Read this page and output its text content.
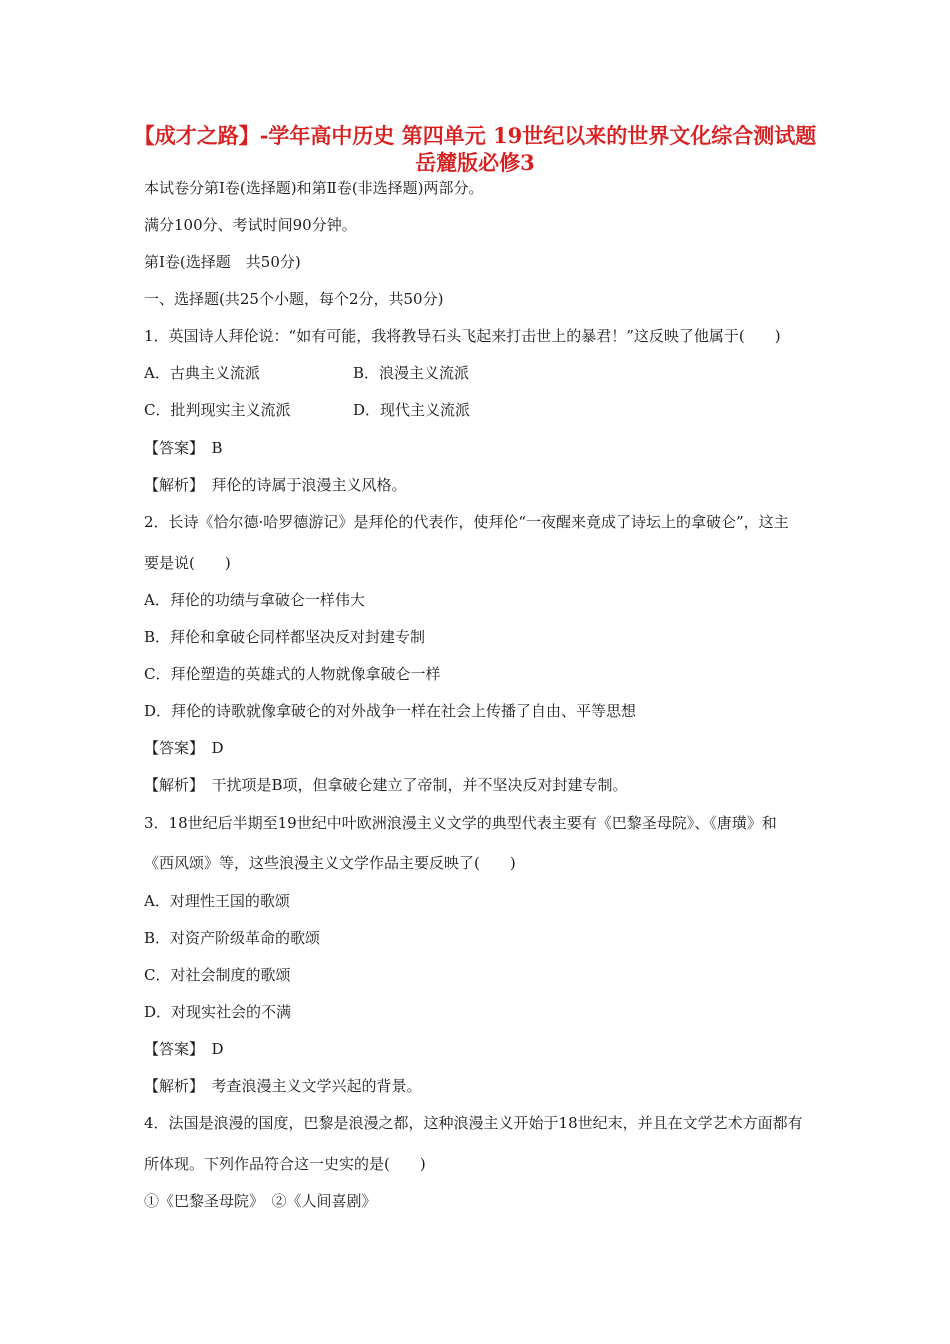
【成才之路】-学年高中历史 第四单元 19世纪以来的世界文化综合测试题
岳麓版必修3
本试卷分第Ⅰ卷(选择题)和第Ⅱ卷(非选择题)两部分。
满分100分、考试时间90分钟。
第Ⅰ卷(选择题　共50分)
一、选择题(共25个小题，每个2分，共50分)
1．英国诗人拜伦说：“如有可能，我将教导石头飞起来打击世上的暴君！”这反映了他属于(　　)
A．古典主义流派	B．浪漫主义流派
C．批判现实主义流派	D．现代主义流派
【答案】　B
【解析】　拜伦的诗属于浪漫主义风格。
2．长诗《恰尔德·哈罗德游记》是拜伦的代表作，使拜伦“一夜醒来竟成了诗坛上的拿破仑”，这主
要是说(　　)
A．拜伦的功绩与拿破仑一样伟大
B．拜伦和拿破仑同样都坚决反对封建专制
C．拜伦塑造的英雄式的人物就像拿破仑一样
D．拜伦的诗歌就像拿破仑的对外战争一样在社会上传播了自由、平等思想
【答案】　D
【解析】　干扰项是B项，但拿破仑建立了帝制，并不坚决反对封建专制。
3．18世纪后半期至19世纪中叶欧洲浪漫主义文学的典型代表主要有《巴黎圣母院》、《唐璜》和
《西风颂》等，这些浪漫主义文学作品主要反映了(　　)
A．对理性王国的歌颂
B．对资产阶级革命的歌颂
C．对社会制度的歌颂
D．对现实社会的不满
【答案】　D
【解析】　考查浪漫主义文学兴起的背景。
4．法国是浪漫的国度，巴黎是浪漫之都，这种浪漫主义开始于18世纪末，并且在文学艺术方面都有
所体现。下列作品符合这一史实的是(　　)
①《巴黎圣母院》　②《人间喜剧》
